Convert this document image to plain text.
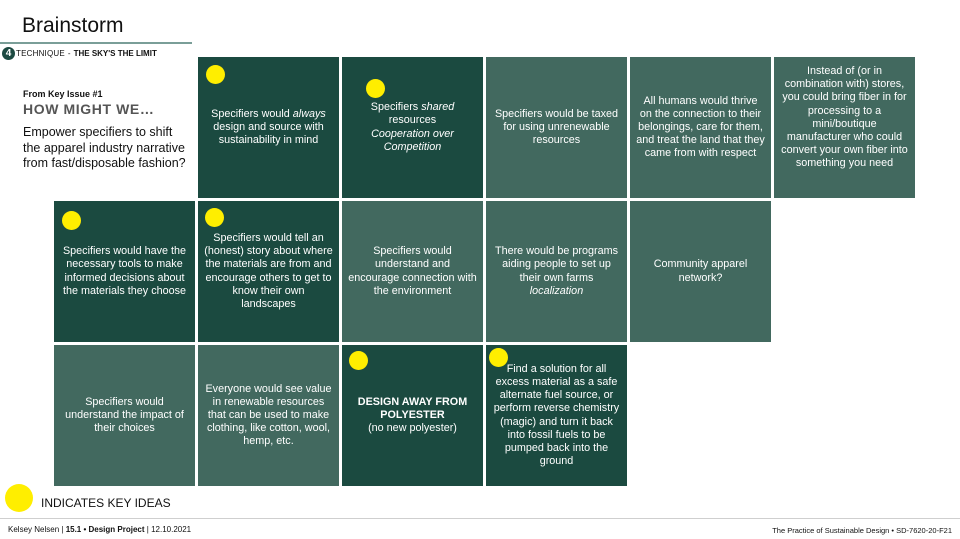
Brainstorm
4 TECHNIQUE - THE SKY'S THE LIMIT
From Key Issue #1
HOW MIGHT WE…
Empower specifiers to shift the apparel industry narrative from fast/disposable fashion?
Specifiers would always design and source with sustainability in mind
Specifiers shared resources
Cooperation over Competition
Specifiers would be taxed for using unrenewable resources
All humans would thrive on the connection to their belongings, care for them, and treat the land that they came from with respect
Instead of (or in combination with) stores, you could bring fiber in for processing to a mini/boutique manufacturer who could convert your own fiber into something you need
Specifiers would have the necessary tools to make informed decisions about the materials they choose
Specifiers would tell an (honest) story about where the materials are from and encourage others to get to know their own landscapes
Specifiers would understand and encourage connection with the environment
There would be programs aiding people to set up their own farms
localization
Community apparel network?
Specifiers would understand the impact of their choices
Everyone would see value in renewable resources that can be used to make clothing, like cotton, wool, hemp, etc.
DESIGN AWAY FROM POLYESTER
(no new polyester)
Find a solution for all excess material as a safe alternate fuel source, or perform reverse chemistry (magic) and turn it back into fossil fuels to be pumped back into the ground
INDICATES KEY IDEAS
Kelsey Nelsen | 15.1 • Design Project | 12.10.2021	The Practice of Sustainable Design • SD-7620-20-F21
